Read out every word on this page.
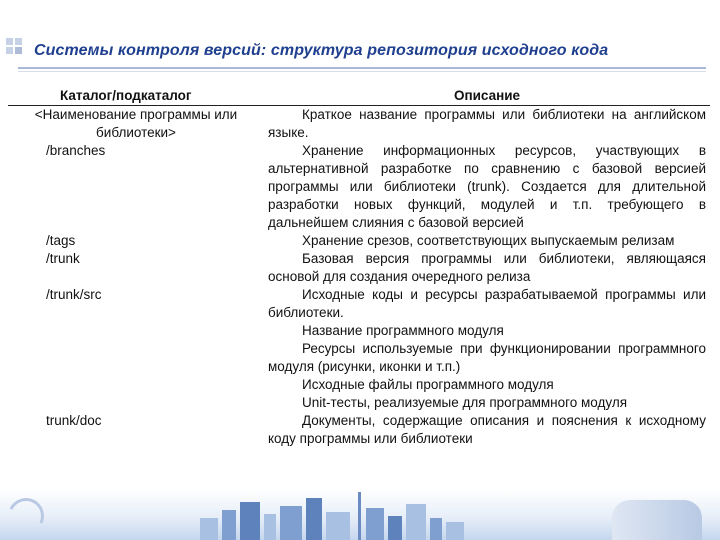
Системы контроля версий: структура репозитория исходного кода
Каталог/подкаталог	Описание
<Наименование программы или библиотеки>	Краткое название программы или библиотеки на английском языке.
/branches	Хранение информационных ресурсов, участвующих в альтернативной разработке по сравнению с базовой версией программы или библиотеки (trunk). Создается для длительной разработки новых функций, модулей и т.п. требующего в дальнейшем слияния с базовой версией
/tags	Хранение срезов, соответствующих выпускаемым релизам
/trunk	Базовая версия программы или библиотеки, являющаяся основой для создания очередного релиза
/trunk/src	Исходные коды и ресурсы разрабатываемой программы или библиотеки.
	Название программного модуля
	Ресурсы используемые при функционировании программного модуля (рисунки, иконки и т.п.)
	Исходные файлы программного модуля
	Unit-тесты, реализуемые для программного модуля
trunk/doc	Документы, содержащие описания и пояснения к исходному коду программы или библиотеки
